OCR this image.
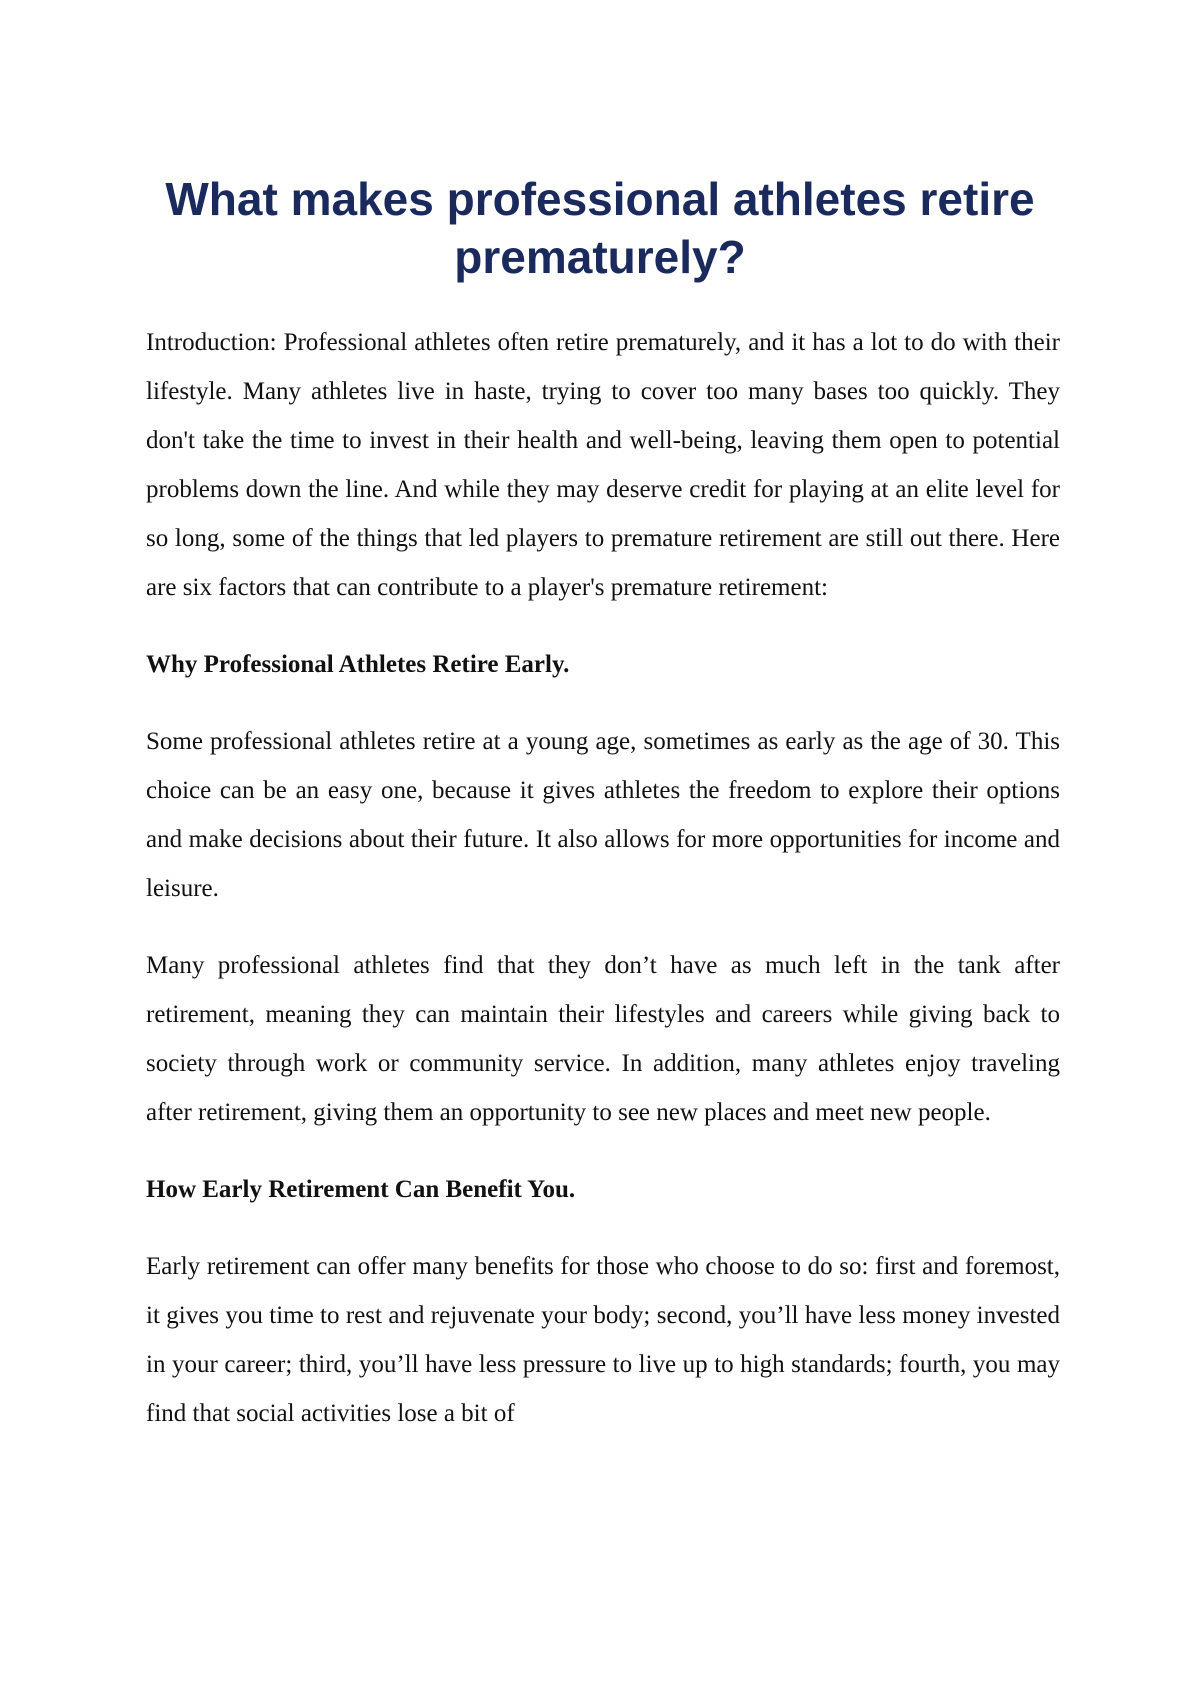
What makes professional athletes retire prematurely?

Introduction: Professional athletes often retire prematurely, and it has a lot to do with their lifestyle. Many athletes live in haste, trying to cover too many bases too quickly. They don't take the time to invest in their health and well-being, leaving them open to potential problems down the line. And while they may deserve credit for playing at an elite level for so long, some of the things that led players to premature retirement are still out there. Here are six factors that can contribute to a player's premature retirement:

Why Professional Athletes Retire Early.

Some professional athletes retire at a young age, sometimes as early as the age of 30. This choice can be an easy one, because it gives athletes the freedom to explore their options and make decisions about their future. It also allows for more opportunities for income and leisure.

Many professional athletes find that they don’t have as much left in the tank after retirement, meaning they can maintain their lifestyles and careers while giving back to society through work or community service. In addition, many athletes enjoy traveling after retirement, giving them an opportunity to see new places and meet new people.

How Early Retirement Can Benefit You.

Early retirement can offer many benefits for those who choose to do so: first and foremost, it gives you time to rest and rejuvenate your body; second, you’ll have less money invested in your career; third, you’ll have less pressure to live up to high standards; fourth, you may find that social activities lose a bit of
